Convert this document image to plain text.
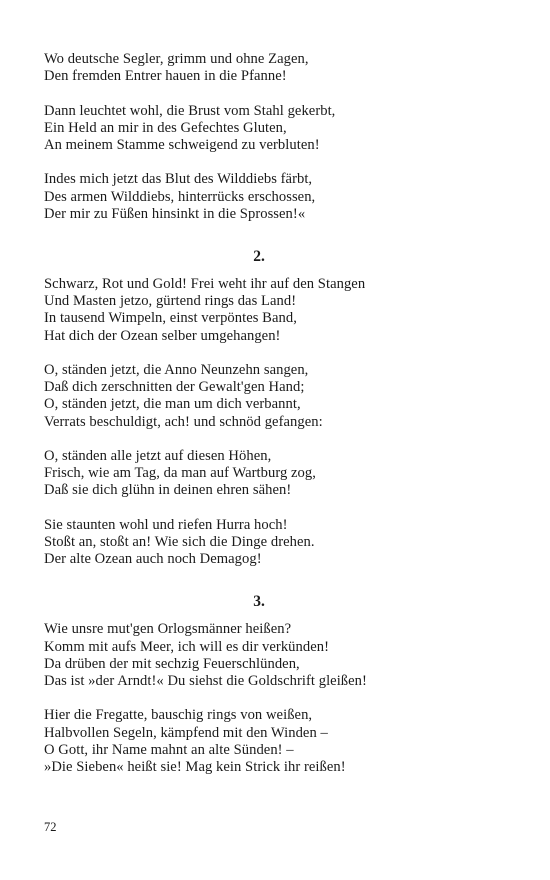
Wo deutsche Segler, grimm und ohne Zagen,
Den fremden Entrer hauen in die Pfanne!
Dann leuchtet wohl, die Brust vom Stahl gekerbt,
Ein Held an mir in des Gefechtes Gluten,
An meinem Stamme schweigend zu verbluten!
Indes mich jetzt das Blut des Wilddiebs färbt,
Des armen Wilddiebs, hinterrücks erschossen,
Der mir zu Füßen hinsinkt in die Sprossen!«
2.
Schwarz, Rot und Gold! Frei weht ihr auf den Stangen
Und Masten jetzo, gürtend rings das Land!
In tausend Wimpeln, einst verpöntes Band,
Hat dich der Ozean selber umgehangen!
O, ständen jetzt, die Anno Neunzehn sangen,
Daß dich zerschnitten der Gewalt'gen Hand;
O, ständen jetzt, die man um dich verbannt,
Verrats beschuldigt, ach! und schnöd gefangen:
O, ständen alle jetzt auf diesen Höhen,
Frisch, wie am Tag, da man auf Wartburg zog,
Daß sie dich glühn in deinen ehren sähen!
Sie staunten wohl und riefen Hurra hoch!
Stoßt an, stoßt an! Wie sich die Dinge drehen.
Der alte Ozean auch noch Demagog!
3.
Wie unsre mut'gen Orlogsmänner heißen?
Komm mit aufs Meer, ich will es dir verkünden!
Da drüben der mit sechzig Feuerschlünden,
Das ist »der Arndt!« Du siehst die Goldschrift gleißen!
Hier die Fregatte, bauschig rings von weißen,
Halbvollen Segeln, kämpfend mit den Winden –
O Gott, ihr Name mahnt an alte Sünden! –
»Die Sieben« heißt sie! Mag kein Strick ihr reißen!
72
